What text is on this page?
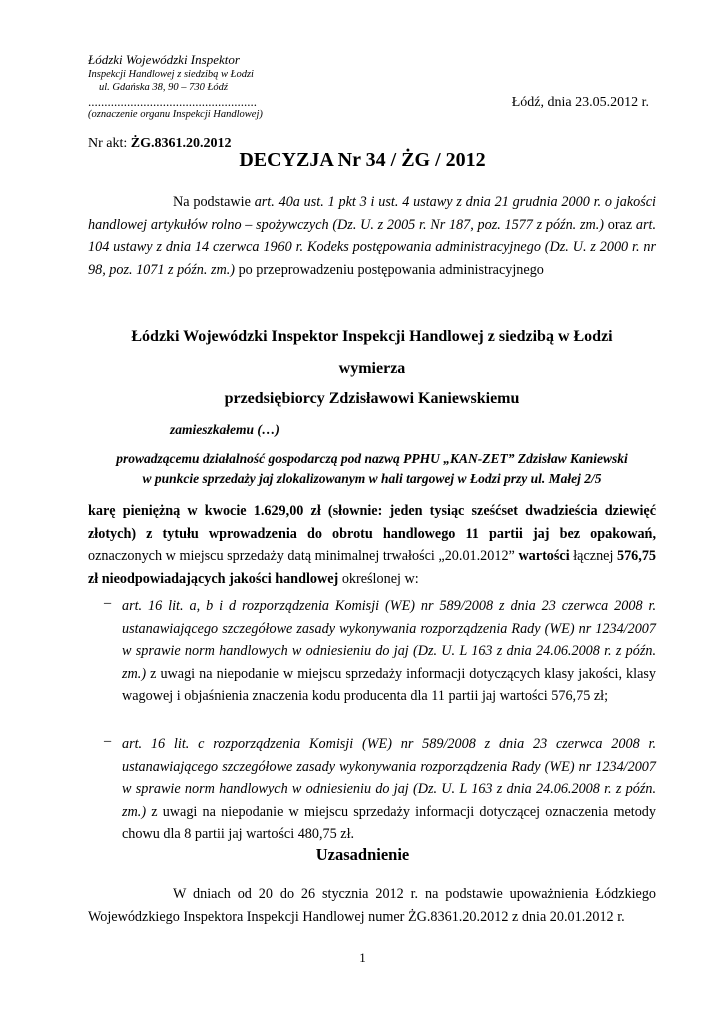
Łódzki Wojewódzki Inspektor
Inspekcji Handlowej z siedzibą w Łodzi
ul. Gdańska 38, 90 – 730 Łódź
....................................................
(oznaczenie organu Inspekcji Handlowej)
Łódź, dnia 23.05.2012 r.
Nr akt: ŻG.8361.20.2012
DECYZJA Nr 34 / ŻG / 2012
Na podstawie art. 40a ust. 1 pkt 3 i ust. 4 ustawy z dnia 21 grudnia 2000 r. o jakości handlowej artykułów rolno – spożywczych (Dz. U. z 2005 r. Nr 187, poz. 1577 z późn. zm.) oraz art. 104 ustawy z dnia 14 czerwca 1960 r. Kodeks postępowania administracyjnego (Dz. U. z 2000 r. nr 98, poz. 1071 z późn. zm.) po przeprowadzeniu postępowania administracyjnego
Łódzki Wojewódzki Inspektor Inspekcji Handlowej z siedzibą w Łodzi
wymierza
przedsiębiorcy Zdzisławowi Kaniewskiemu
zamieszkałemu (…)
prowadzącemu działalność gospodarczą pod nazwą PPHU „KAN-ZET” Zdzisław Kaniewski
w punkcie sprzedaży jaj zlokalizowanym w hali targowej w Łodzi przy ul. Małej 2/5
karę pieniężną w kwocie 1.629,00 zł (słownie: jeden tysiąc sześćset dwadzieścia dziewięć złotych) z tytułu wprowadzenia do obrotu handlowego 11 partii jaj bez opakowań, oznaczonych w miejscu sprzedaży datą minimalnej trwałości „20.01.2012” wartości łącznej 576,75 zł nieodpowiadających jakości handlowej określonej w:
– art. 16 lit. a, b i d rozporządzenia Komisji (WE) nr 589/2008 z dnia 23 czerwca 2008 r. ustanawiającego szczegółowe zasady wykonywania rozporządzenia Rady (WE) nr 1234/2007 w sprawie norm handlowych w odniesieniu do jaj (Dz. U. L 163 z dnia 24.06.2008 r. z późn. zm.) z uwagi na niepodanie w miejscu sprzedaży informacji dotyczących klasy jakości, klasy wagowej i objaśnienia znaczenia kodu producenta dla 11 partii jaj wartości 576,75 zł;
– art. 16 lit. c rozporządzenia Komisji (WE) nr 589/2008 z dnia 23 czerwca 2008 r. ustanawiającego szczegółowe zasady wykonywania rozporządzenia Rady (WE) nr 1234/2007 w sprawie norm handlowych w odniesieniu do jaj (Dz. U. L 163 z dnia 24.06.2008 r. z późn. zm.) z uwagi na niepodanie w miejscu sprzedaży informacji dotyczącej oznaczenia metody chowu dla 8 partii jaj wartości 480,75 zł.
Uzasadnienie
W dniach od 20 do 26 stycznia 2012 r. na podstawie upoważnienia Łódzkiego Wojewódzkiego Inspektora Inspekcji Handlowej numer ŻG.8361.20.2012 z dnia 20.01.2012 r.
1
